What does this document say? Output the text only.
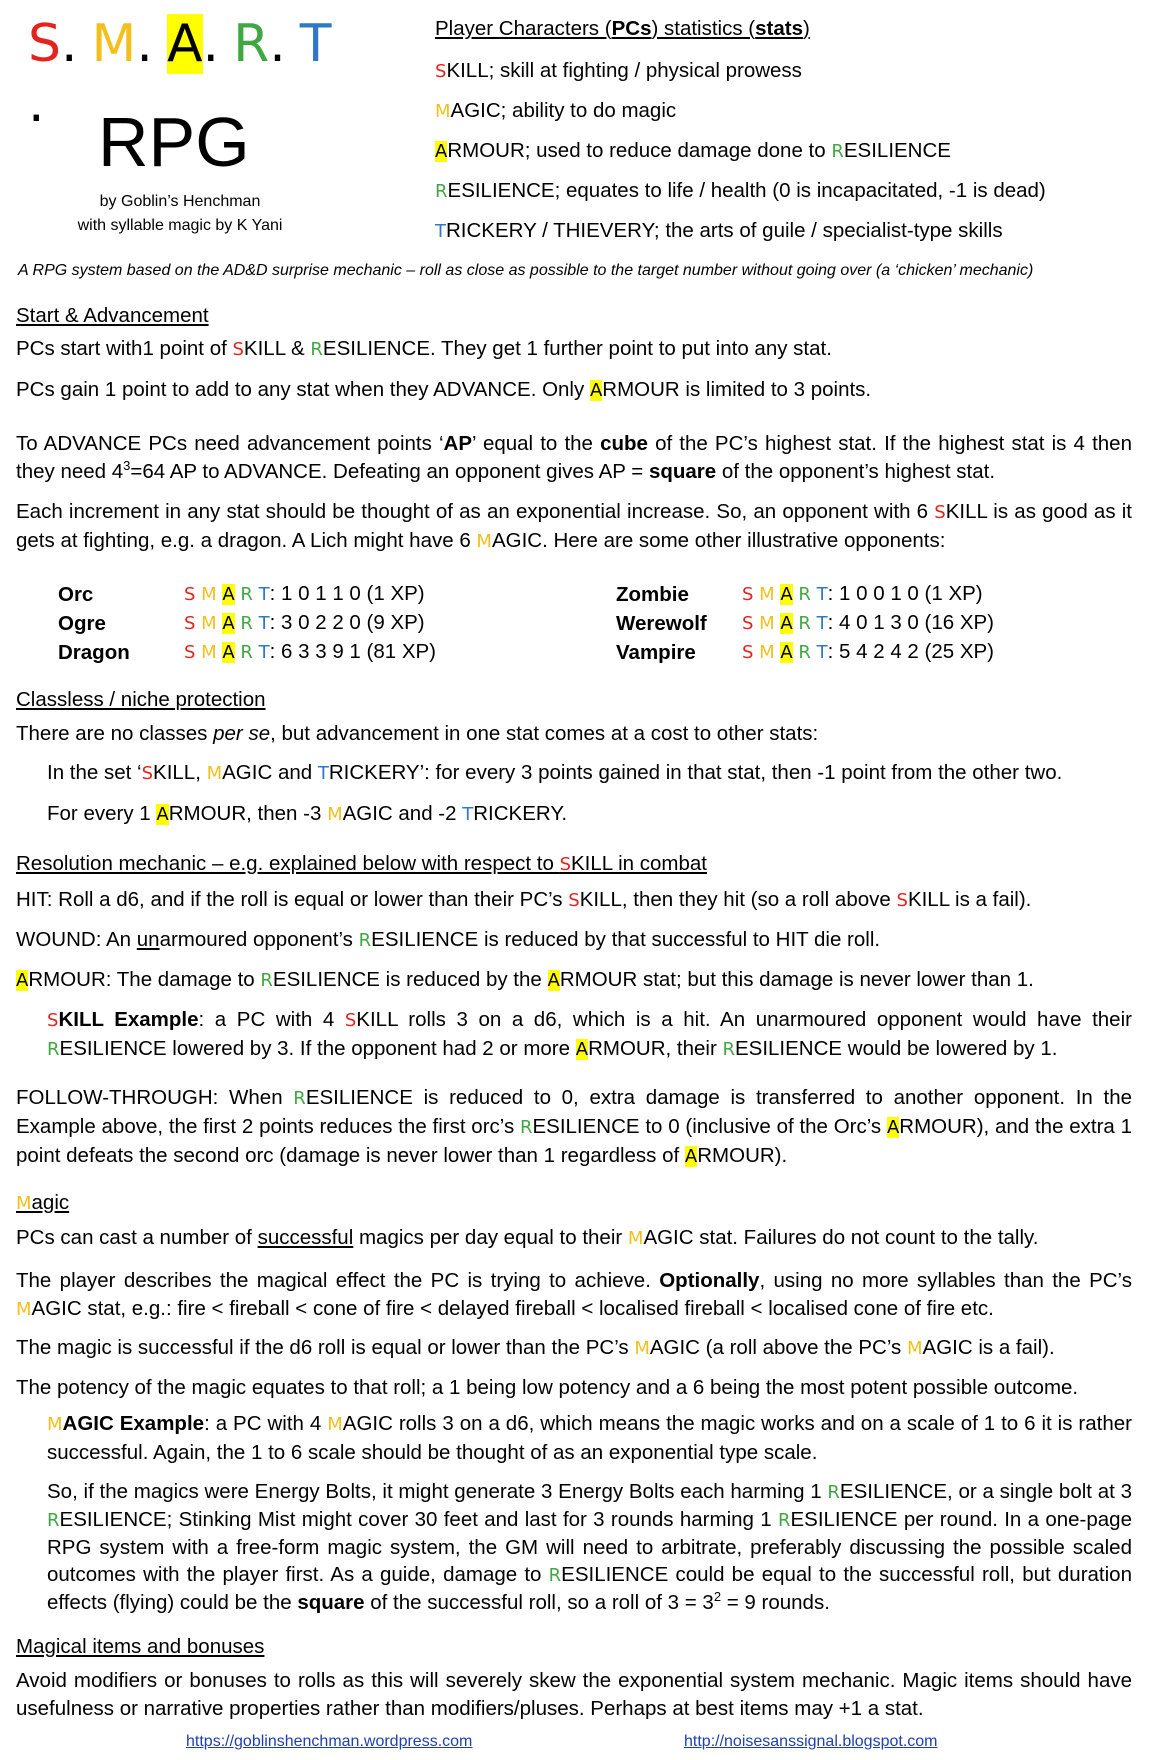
S. M. A. R. T. RPG
by Goblin’s Henchman
with syllable magic by K Yani
Player Characters (PCs) statistics (stats)
SKILL; skill at fighting / physical prowess
MAGIC; ability to do magic
ARMOUR; used to reduce damage done to RESILIENCE
RESILIENCE; equates to life / health (0 is incapacitated, -1 is dead)
TRICKERY / THIEVERY; the arts of guile / specialist-type skills
A RPG system based on the AD&D surprise mechanic – roll as close as possible to the target number without going over (a ‘chicken’ mechanic)
Start & Advancement
PCs start with1 point of SKILL & RESILIENCE. They get 1 further point to put into any stat.
PCs gain 1 point to add to any stat when they ADVANCE. Only ARMOUR is limited to 3 points.
To ADVANCE PCs need advancement points ‘AP’ equal to the cube of the PC’s highest stat. If the highest stat is 4 then they need $4^3=64$ AP to ADVANCE. Defeating an opponent gives AP = square of the opponent’s highest stat.
Each increment in any stat should be thought of as an exponential increase. So, an opponent with 6 SKILL is as good as it gets at fighting, e.g. a dragon. A Lich might have 6 MAGIC. Here are some other illustrative opponents:
Orc	S M A R T: 1 0 1 1 0 (1 XP)
Ogre	S M A R T: 3 0 2 2 0 (9 XP)
Dragon	S M A R T: 6 3 3 9 1 (81 XP)
Zombie	S M A R T: 1 0 0 1 0 (1 XP)
Werewolf	S M A R T: 4 0 1 3 0 (16 XP)
Vampire	S M A R T: 5 4 2 4 2 (25 XP)
Classless / niche protection
There are no classes per se, but advancement in one stat comes at a cost to other stats:
In the set ‘SKILL, MAGIC and TRICKERY’: for every 3 points gained in that stat, then -1 point from the other two.
For every 1 ARMOUR, then -3 MAGIC and -2 TRICKERY.
Resolution mechanic – e.g. explained below with respect to SKILL in combat
HIT: Roll a d6, and if the roll is equal or lower than their PC’s SKILL, then they hit (so a roll above SKILL is a fail).
WOUND: An unarmoured opponent’s RESILIENCE is reduced by that successful to HIT die roll.
ARMOUR: The damage to RESILIENCE is reduced by the ARMOUR stat; but this damage is never lower than 1.
SKILL Example: a PC with 4 SKILL rolls 3 on a d6, which is a hit. An unarmoured opponent would have their RESILIENCE lowered by 3. If the opponent had 2 or more ARMOUR, their RESILIENCE would be lowered by 1.
FOLLOW-THROUGH: When RESILIENCE is reduced to 0, extra damage is transferred to another opponent. In the Example above, the first 2 points reduces the first orc’s RESILIENCE to 0 (inclusive of the Orc’s ARMOUR), and the extra 1 point defeats the second orc (damage is never lower than 1 regardless of ARMOUR).
Magic
PCs can cast a number of successful magics per day equal to their MAGIC stat. Failures do not count to the tally.
The player describes the magical effect the PC is trying to achieve. Optionally, using no more syllables than the PC’s MAGIC stat, e.g.: fire < fireball < cone of fire < delayed fireball < localised fireball < localised cone of fire etc.
The magic is successful if the d6 roll is equal or lower than the PC’s MAGIC (a roll above the PC’s MAGIC is a fail).
The potency of the magic equates to that roll; a 1 being low potency and a 6 being the most potent possible outcome.
MAGIC Example: a PC with 4 MAGIC rolls 3 on a d6, which means the magic works and on a scale of 1 to 6 it is rather successful. Again, the 1 to 6 scale should be thought of as an exponential type scale.
So, if the magics were Energy Bolts, it might generate 3 Energy Bolts each harming 1 RESILIENCE, or a single bolt at 3 RESILIENCE; Stinking Mist might cover 30 feet and last for 3 rounds harming 1 RESILIENCE per round. In a one-page RPG system with a free-form magic system, the GM will need to arbitrate, preferably discussing the possible scaled outcomes with the player first. As a guide, damage to RESILIENCE could be equal to the successful roll, but duration effects (flying) could be the square of the successful roll, so a roll of $3 = 3^2 = 9$ rounds.
Magical items and bonuses
Avoid modifiers or bonuses to rolls as this will severely skew the exponential system mechanic. Magic items should have usefulness or narrative properties rather than modifiers/pluses. Perhaps at best items may +1 a stat.
https://goblinshenchman.wordpress.com	http://noisesanssignal.blogspot.com
